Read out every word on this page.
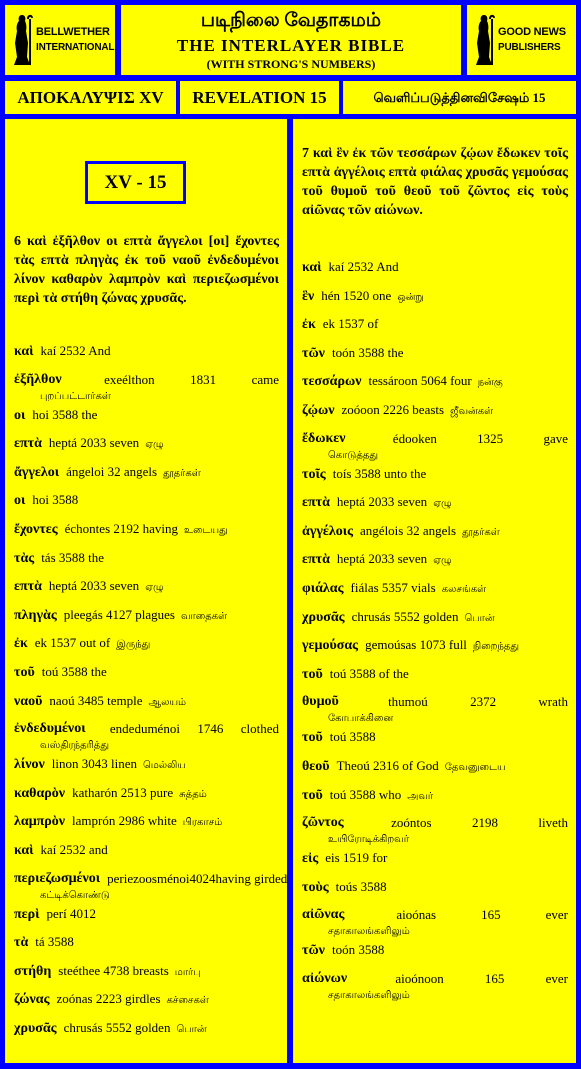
BELLWETHER
INTERNATIONAL
படிநிலை வேதாகமம்
THE INTERLAYER BIBLE
(WITH STRONG'S NUMBERS)
GOOD NEWS
PUBLISHERS
ΑΠΟΚΑΛΥΨΙΣ XV	REVELATION 15	வெளிப்படுத்தினவிசேஷம் 15
XV - 15
6 καὶ ἐξῆλθον οι επτὰ ἄγγελοι [οι] ἔχοντες τὰς επτὰ πληγὰς ἐκ τοῦ ναοῦ ἐνδεδυμένοι λίνον καθαρὸν λαμπρὸν καὶ περιεζωσμένοι περὶ τὰ στήθη ζώνας χρυσᾶς.
καὶ kaí 2532 And
ἐξῆλθον	exeélthon	1831	came
புறப்பட்டார்கள்
οι hoi 3588 the
επτὰ heptá 2033 seven ஏழு
ἄγγελοι ángeloi 32 angels தூதர்கள்
οι hoi 3588
ἔχοντες échontes 2192 having உடையது
τὰς tás 3588 the
επτὰ heptá 2033 seven ஏழு
πληγὰς pleegás 4127 plagues வாதைகள்
ἐκ ek 1537 out of இருந்து
τοῦ toú 3588 the
ναοῦ naoú 3485 temple ஆலயம்
ἐνδεδυμένοι endeduménoi 1746 clothed
வஸ்திரந்தரித்து
λίνον linon 3043 linen மெல்லிய
καθαρὸν katharón 2513 pure சுத்தம்
λαμπρὸν lamprón 2986 white பிரகாசம்
καὶ kaí 2532 and
περιεζωσμένοι periezoosménoi 4024 having girded
கட்டிக்கொண்டு
περὶ perí 4012
τὰ tá 3588
στήθη steéthee 4738 breasts மார்பு
ζώνας zoónas 2223 girdles கச்சைகள்
χρυσᾶς chrusás 5552 golden பொன்
7 καὶ ἓν ἐκ τῶν τεσσάρων ζῴων ἔδωκεν τοῖς επτὰ ἀγγέλοις επτὰ φιάλας χρυσᾶς γεμούσας τοῦ θυμοῦ τοῦ θεοῦ τοῦ ζῶντος εἰς τοὺς αἰῶνας τῶν αἰώνων.
καὶ kaí 2532 And
ἓν hén 1520 one ஒன்று
ἐκ ek 1537 of
τῶν toón 3588 the
τεσσάρων tessároon 5064 four நன்கு
ζῴων zoóoon 2226 beasts ஜீவன்கள்
ἔδωκεν	édooken	1325	gave
கொடுத்தது
τοῖς toís 3588 unto the
επτὰ heptá 2033 seven ஏழு
ἀγγέλοις angélois 32 angels தூதர்கள்
επτὰ heptá 2033 seven ஏழு
φιάλας fiálas 5357 vials கலசங்கள்
χρυσᾶς chrusás 5552 golden பொன்
γεμούσας gemoúsas 1073 full நிறைந்தது
τοῦ toú 3588 of the
θυμοῦ	thumoú	2372	wrath
கோபாக்கினை
τοῦ toú 3588
θεοῦ Theoú 2316 of God தேவனுடைய
τοῦ toú 3588 who அவர்
ζῶντος	zoóntos	2198	liveth
உயிரோடிக்கிறவர்
εἰς eis 1519 for
τοὺς toús 3588
αἰῶνας	aioónas	165	ever
சதாகாலங்களிலும்
τῶν toón 3588
αἰώνων	aioónoon	165	ever
சதாகாலங்களிலும்
